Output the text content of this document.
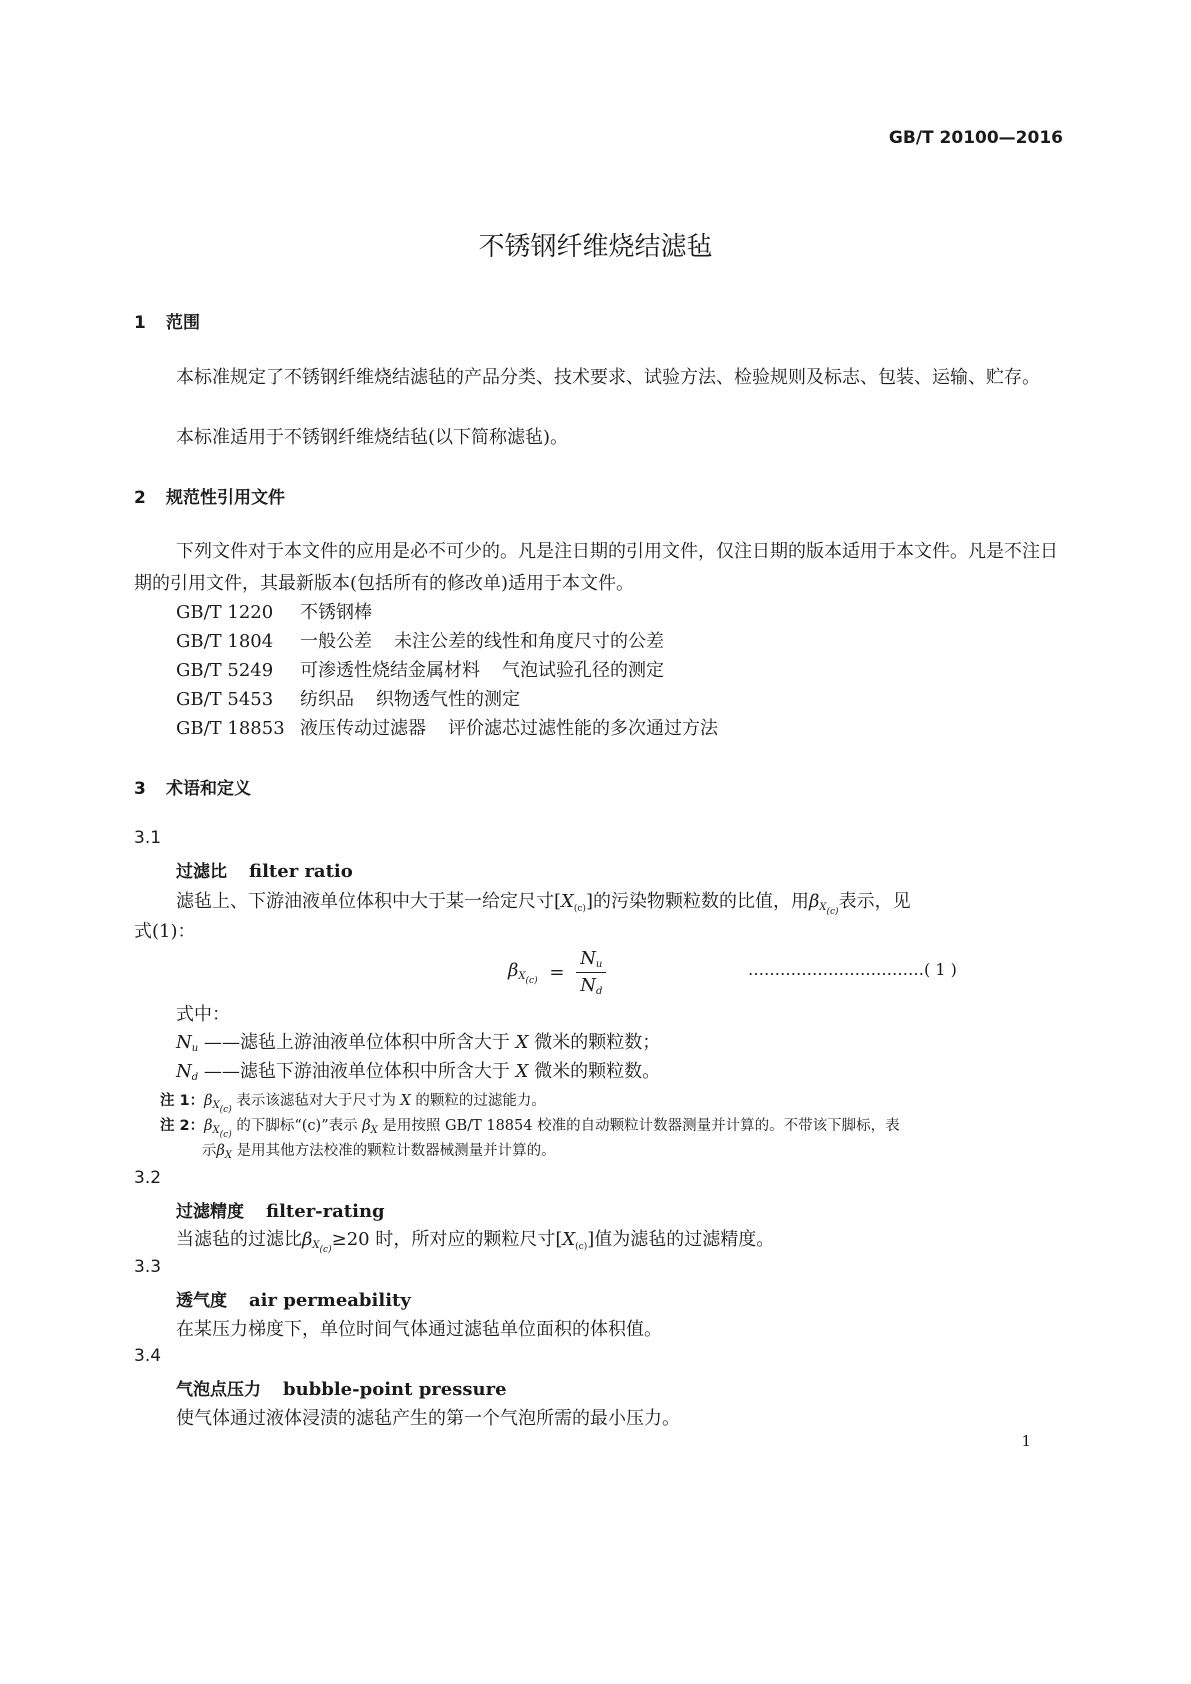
GB/T 20100—2016
不锈钢纤维烧结滤毡
1 范围
本标准规定了不锈钢纤维烧结滤毡的产品分类、技术要求、试验方法、检验规则及标志、包装、运输、贮存。
本标准适用于不锈钢纤维烧结毡(以下简称滤毡)。
2 规范性引用文件
下列文件对于本文件的应用是必不可少的。凡是注日期的引用文件，仅注日期的版本适用于本文件。凡是不注日期的引用文件，其最新版本(包括所有的修改单)适用于本文件。
GB/T 1220 不锈钢棒
GB/T 1804 一般公差 未注公差的线性和角度尺寸的公差
GB/T 5249 可渗透性烧结金属材料 气泡试验孔径的测定
GB/T 5453 纺织品 织物透气性的测定
GB/T 18853 液压传动过滤器 评价滤芯过滤性能的多次通过方法
3 术语和定义
3.1
过滤比 filter ratio
滤毡上、下游油液单位体积中大于某一给定尺寸$[X_{(c)}]$的污染物颗粒数的比值，用$\beta_{X_{(c)}}$表示，见
式(1)：
$\beta_{X_{(c)}} = \frac{N_u}{N_d}$	……………………………( 1 )
式中：
$N_u$ ——滤毡上游油液单位体积中所含大于 X 微米的颗粒数；
$N_d$ ——滤毡下游油液单位体积中所含大于 X 微米的颗粒数。
注 1：$\beta_{X_{(c)}}$ 表示该滤毡对大于尺寸为 X 的颗粒的过滤能力。
注 2：$\beta_{X_{(c)}}$ 的下脚标“(c)”表示 $\beta_X$ 是用按照 GB/T 18854 校准的自动颗粒计数器测量并计算的。不带该下脚标，表
示$\beta_X$ 是用其他方法校准的颗粒计数器械测量并计算的。
3.2
过滤精度 filter-rating
当滤毡的过滤比$\beta_{X_{(c)}}\ge 20$ 时，所对应的颗粒尺寸$[X_{(c)}]$值为滤毡的过滤精度。
3.3
透气度 air permeability
在某压力梯度下，单位时间气体通过滤毡单位面积的体积值。
3.4
气泡点压力 bubble-point pressure
使气体通过液体浸渍的滤毡产生的第一个气泡所需的最小压力。
1
